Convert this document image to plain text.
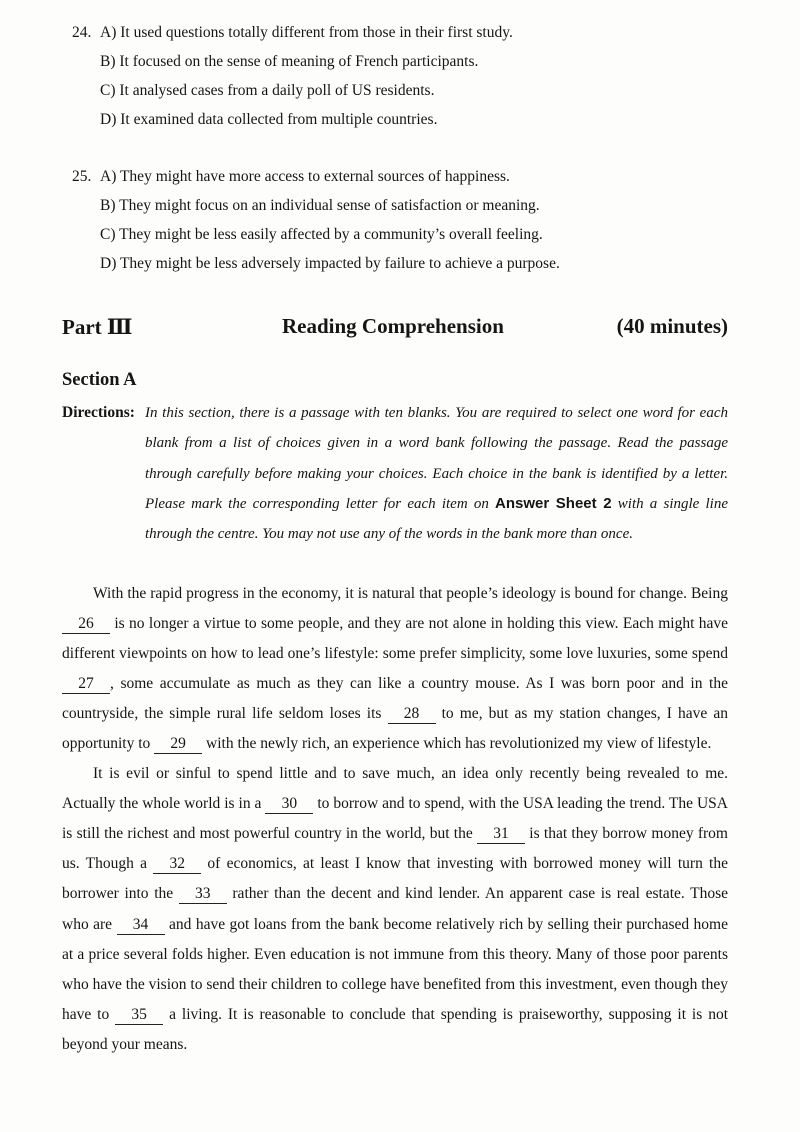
24. A) It used questions totally different from those in their first study.
B) It focused on the sense of meaning of French participants.
C) It analysed cases from a daily poll of US residents.
D) It examined data collected from multiple countries.
25. A) They might have more access to external sources of happiness.
B) They might focus on an individual sense of satisfaction or meaning.
C) They might be less easily affected by a community’s overall feeling.
D) They might be less adversely impacted by failure to achieve a purpose.
Part Ⅲ	Reading Comprehension	(40 minutes)
Section A
Directions: In this section, there is a passage with ten blanks. You are required to select one word for each blank from a list of choices given in a word bank following the passage. Read the passage through carefully before making your choices. Each choice in the bank is identified by a letter. Please mark the corresponding letter for each item on Answer Sheet 2 with a single line through the centre. You may not use any of the words in the bank more than once.

With the rapid progress in the economy, it is natural that people’s ideology is bound for change. Being 26 is no longer a virtue to some people, and they are not alone in holding this view. Each might have different viewpoints on how to lead one’s lifestyle: some prefer simplicity, some love luxuries, some spend 27 , some accumulate as much as they can like a country mouse. As I was born poor and in the countryside, the simple rural life seldom loses its 28 to me, but as my station changes, I have an opportunity to 29 with the newly rich, an experience which has revolutionized my view of lifestyle.

It is evil or sinful to spend little and to save much, an idea only recently being revealed to me. Actually the whole world is in a 30 to borrow and to spend, with the USA leading the trend. The USA is still the richest and most powerful country in the world, but the 31 is that they borrow money from us. Though a 32 of economics, at least I know that investing with borrowed money will turn the borrower into the 33 rather than the decent and kind lender. An apparent case is real estate. Those who are 34 and have got loans from the bank become relatively rich by selling their purchased home at a price several folds higher. Even education is not immune from this theory. Many of those poor parents who have the vision to send their children to college have benefited from this investment, even though they have to 35 a living. It is reasonable to conclude that spending is praiseworthy, supposing it is not beyond your means.
